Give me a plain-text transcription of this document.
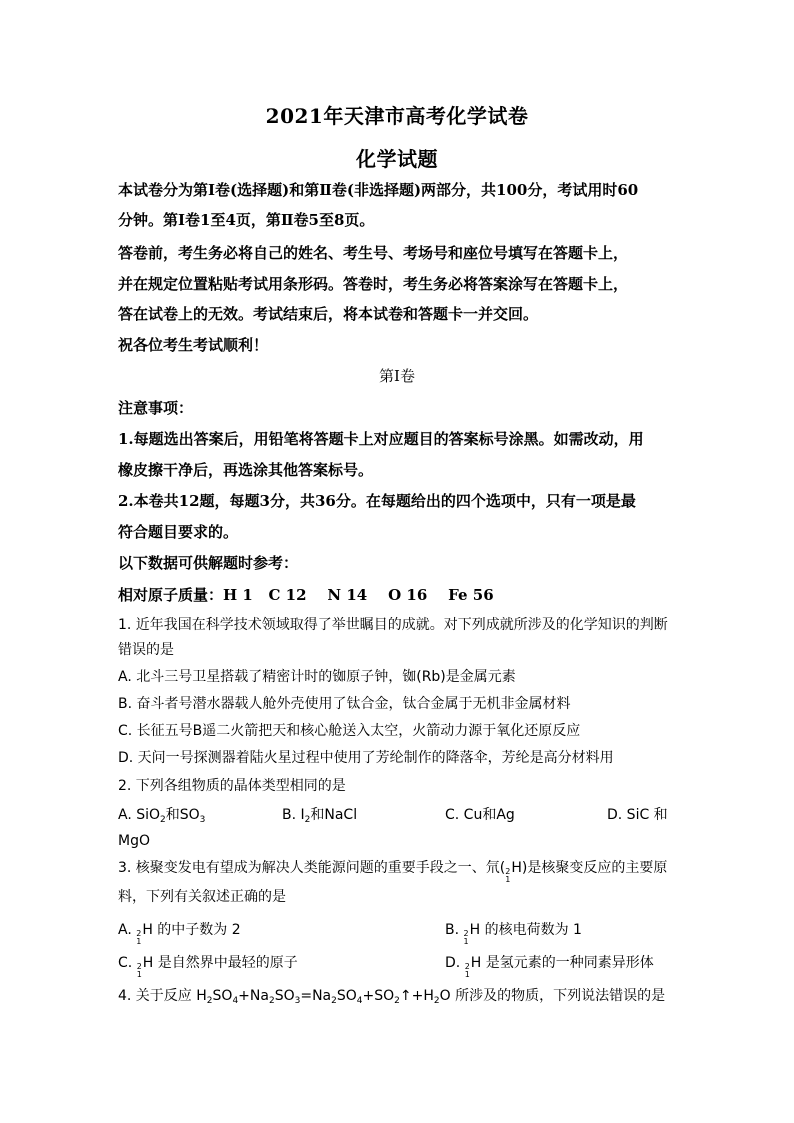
2021年天津市高考化学试卷
化学试题
本试卷分为第Ⅰ卷(选择题)和第Ⅱ卷(非选择题)两部分，共100分，考试用时60
分钟。第Ⅰ卷1至4页，第Ⅱ卷5至8页。
答卷前，考生务必将自己的姓名、考生号、考场号和座位号填写在答题卡上，
并在规定位置粘贴考试用条形码。答卷时，考生务必将答案涂写在答题卡上，
答在试卷上的无效。考试结束后，将本试卷和答题卡一并交回。
祝各位考生考试顺利！
第Ⅰ卷
注意事项：
1.每题选出答案后，用铅笔将答题卡上对应题目的答案标号涂黑。如需改动，用
橡皮擦干净后，再选涂其他答案标号。
2.本卷共12题，每题3分，共36分。在每题给出的四个选项中，只有一项是最
符合题目要求的。
以下数据可供解题时参考：
相对原子质量：H 1   C 12    N 14    O 16    Fe 56
1. 近年我国在科学技术领域取得了举世瞩目的成就。对下列成就所涉及的化学知识的判断
错误的是
A. 北斗三号卫星搭载了精密计时的铷原子钟，铷(Rb)是金属元素
B. 奋斗者号潜水器载人舱外壳使用了钛合金，钛合金属于无机非金属材料
C. 长征五号B遥二火箭把天和核心舱送入太空，火箭动力源于氧化还原反应
D. 天问一号探测器着陆火星过程中使用了芳纶制作的降落伞，芳纶是高分材料用
2. 下列各组物质的晶体类型相同的是
A. SiO$_2$和$SO_3$	B. $I_2$和NaCl	C. Cu和Ag	D. SiC 和
MgO
3. 核聚变发电有望成为解决人类能源问题的重要手段之一、氘( 2
1
H)是核聚变反应的主要原
料，下列有关叙述正确的是
A. 2
1
H 的中子数为 2	B. 2
1
H 的核电荷数为 1
C. 2
1
H 是自然界中最轻的原子	D. 2
1
H 是氢元素的一种同素异形体
4. 关于反应 $H_2SO_4+Na_2SO_3=Na_2SO_4+SO_2↑+H_2O$ 所涉及的物质，下列说法错误的是
